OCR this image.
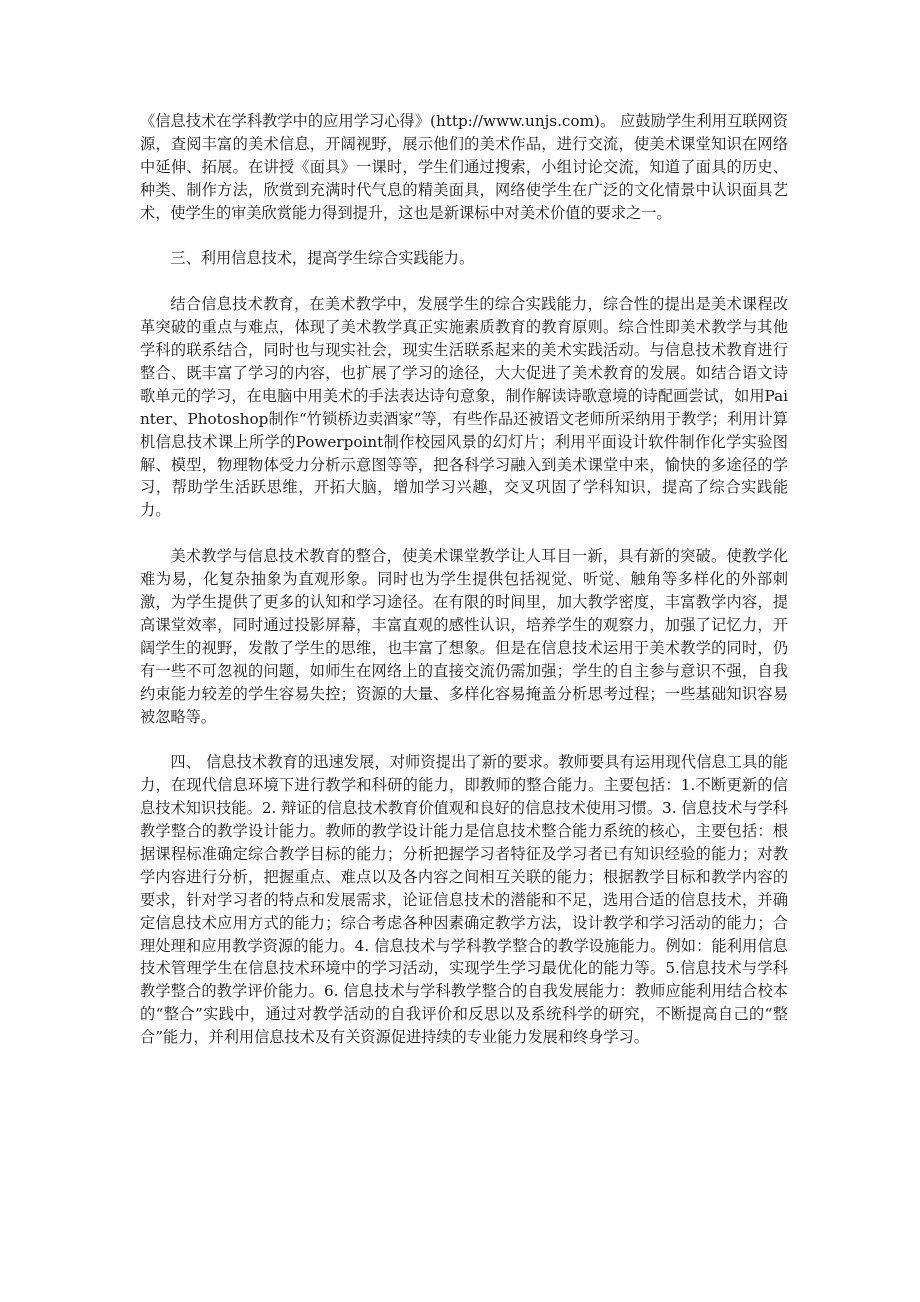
《信息技术在学科教学中的应用学习心得》(http://www.unjs.com)。 应鼓励学生利用互联网资源，查阅丰富的美术信息，开阔视野，展示他们的美术作品，进行交流，使美术课堂知识在网络中延伸、拓展。在讲授《面具》一课时，学生们通过搜索，小组讨论交流，知道了面具的历史、种类、制作方法，欣赏到充满时代气息的精美面具，网络使学生在广泛的文化情景中认识面具艺术，使学生的审美欣赏能力得到提升，这也是新课标中对美术价值的要求之一。

三、利用信息技术，提高学生综合实践能力。

结合信息技术教育，在美术教学中，发展学生的综合实践能力，综合性的提出是美术课程改革突破的重点与难点，体现了美术教学真正实施素质教育的教育原则。综合性即美术教学与其他学科的联系结合，同时也与现实社会，现实生活联系起来的美术实践活动。与信息技术教育进行整合、既丰富了学习的内容，也扩展了学习的途径，大大促进了美术教育的发展。如结合语文诗歌单元的学习，在电脑中用美术的手法表达诗句意象，制作解读诗歌意境的诗配画尝试，如用Painter、Photoshop制作“竹锁桥边卖酒家”等，有些作品还被语文老师所采纳用于教学；利用计算机信息技术课上所学的Powerpoint制作校园风景的幻灯片；利用平面设计软件制作化学实验图解、模型，物理物体受力分析示意图等等，把各科学习融入到美术课堂中来，愉快的多途径的学习，帮助学生活跃思维，开拓大脑，增加学习兴趣，交叉巩固了学科知识，提高了综合实践能力。

美术教学与信息技术教育的整合，使美术课堂教学让人耳目一新，具有新的突破。使教学化难为易，化复杂抽象为直观形象。同时也为学生提供包括视觉、听觉、触角等多样化的外部刺激，为学生提供了更多的认知和学习途径。在有限的时间里，加大教学密度，丰富教学内容，提高课堂效率，同时通过投影屏幕，丰富直观的感性认识，培养学生的观察力，加强了记忆力，开阔学生的视野，发散了学生的思维，也丰富了想象。但是在信息技术运用于美术教学的同时，仍有一些不可忽视的问题，如师生在网络上的直接交流仍需加强；学生的自主参与意识不强，自我约束能力较差的学生容易失控；资源的大量、多样化容易掩盖分析思考过程；一些基础知识容易被忽略等。

四、 信息技术教育的迅速发展，对师资提出了新的要求。教师要具有运用现代信息工具的能力，在现代信息环境下进行教学和科研的能力，即教师的整合能力。主要包括：1.不断更新的信息技术知识技能。2. 辩证的信息技术教育价值观和良好的信息技术使用习惯。3. 信息技术与学科教学整合的教学设计能力。教师的教学设计能力是信息技术整合能力系统的核心，主要包括：根据课程标准确定综合教学目标的能力；分析把握学习者特征及学习者已有知识经验的能力；对教学内容进行分析，把握重点、难点以及各内容之间相互关联的能力；根据教学目标和教学内容的要求，针对学习者的特点和发展需求，论证信息技术的潜能和不足，选用合适的信息技术，并确定信息技术应用方式的能力；综合考虑各种因素确定教学方法，设计教学和学习活动的能力；合理处理和应用教学资源的能力。4. 信息技术与学科教学整合的教学设施能力。例如：能利用信息技术管理学生在信息技术环境中的学习活动，实现学生学习最优化的能力等。5.信息技术与学科教学整合的教学评价能力。6. 信息技术与学科教学整合的自我发展能力：教师应能利用结合校本的“整合”实践中，通过对教学活动的自我评价和反思以及系统科学的研究，不断提高自己的“整合”能力，并利用信息技术及有关资源促进持续的专业能力发展和终身学习。
